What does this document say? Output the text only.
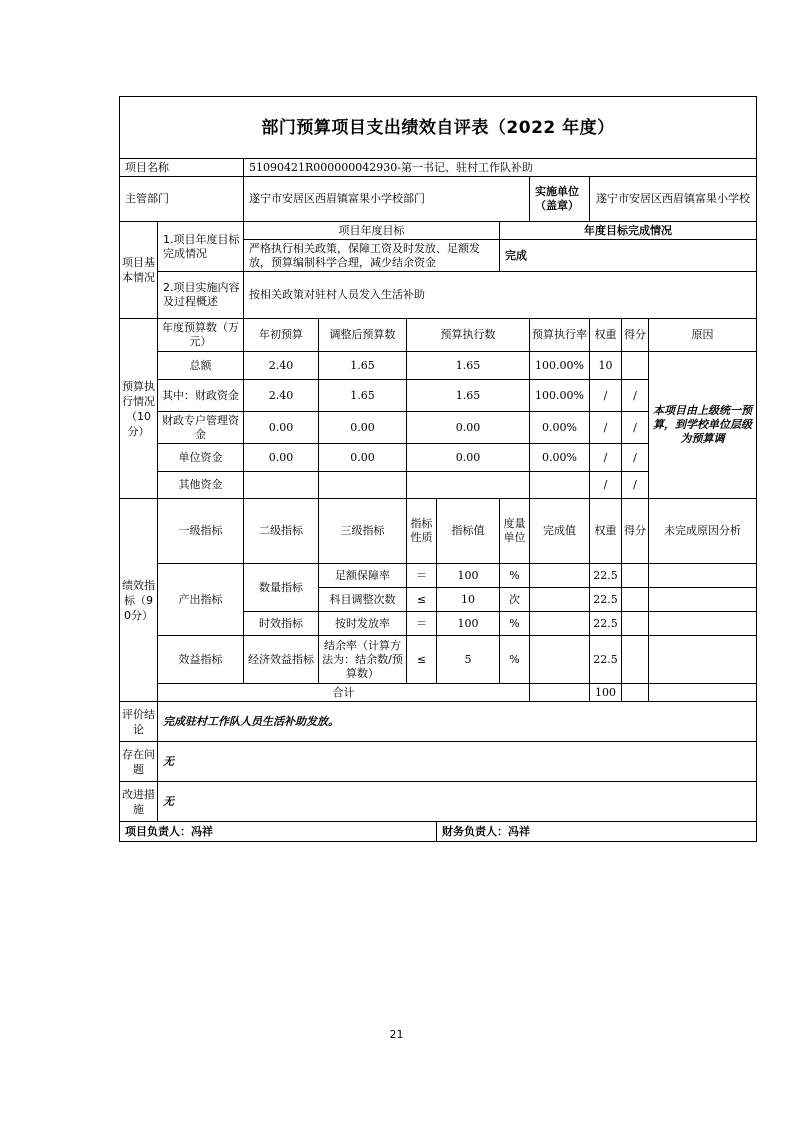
部门预算项目支出绩效自评表（2022 年度）										
项目名称		51090421R000000042930-第一书记、驻村工作队补助								
主管部门		遂宁市安居区西眉镇富果小学校部门					实施单位（盖章）	遂宁市安居区西眉镇富果小学校		
项目基本情况	1.项目年度目标完成情况	项目年度目标				年度目标完成情况				
		严格执行相关政策，保障工资及时发放、足额发放，预算编制科学合理，减少结余资金				完成				
	2.项目实施内容及过程概述	按相关政策对驻村人员发入生活补助								
预算执行情况（10分）	年度预算数（万元）	年初预算	调整后预算数	预算执行数			预算执行率	权重	得分	原因
	总额	2.40	1.65	1.65			100.00%	10		本项目由上级统一预算，到学校单位层级为预算调
	其中：财政资金	2.40	1.65	1.65			100.00%	/	/	
	财政专户管理资金	0.00	0.00	0.00			0.00%	/	/	
	单位资金	0.00	0.00	0.00			0.00%	/	/	
	其他资金							/	/	
绩效指标（90分）	一级指标	二级指标	三级指标	指标性质	指标值	度量单位	完成值	权重	得分	未完成原因分析
	产出指标	数量指标	足额保障率	＝	100	%		22.5		
			科目调整次数	≤	10	次		22.5		
		时效指标	按时发放率	＝	100	%		22.5		
	效益指标	经济效益指标	结余率（计算方法为：结余数/预算数）	≤	5	%		22.5		
	合计							100		
评价结论	完成驻村工作队人员生活补助发放。									
存在问题	无									
改进措施	无									
项目负责人：冯祥					财务负责人：冯祥					
21
